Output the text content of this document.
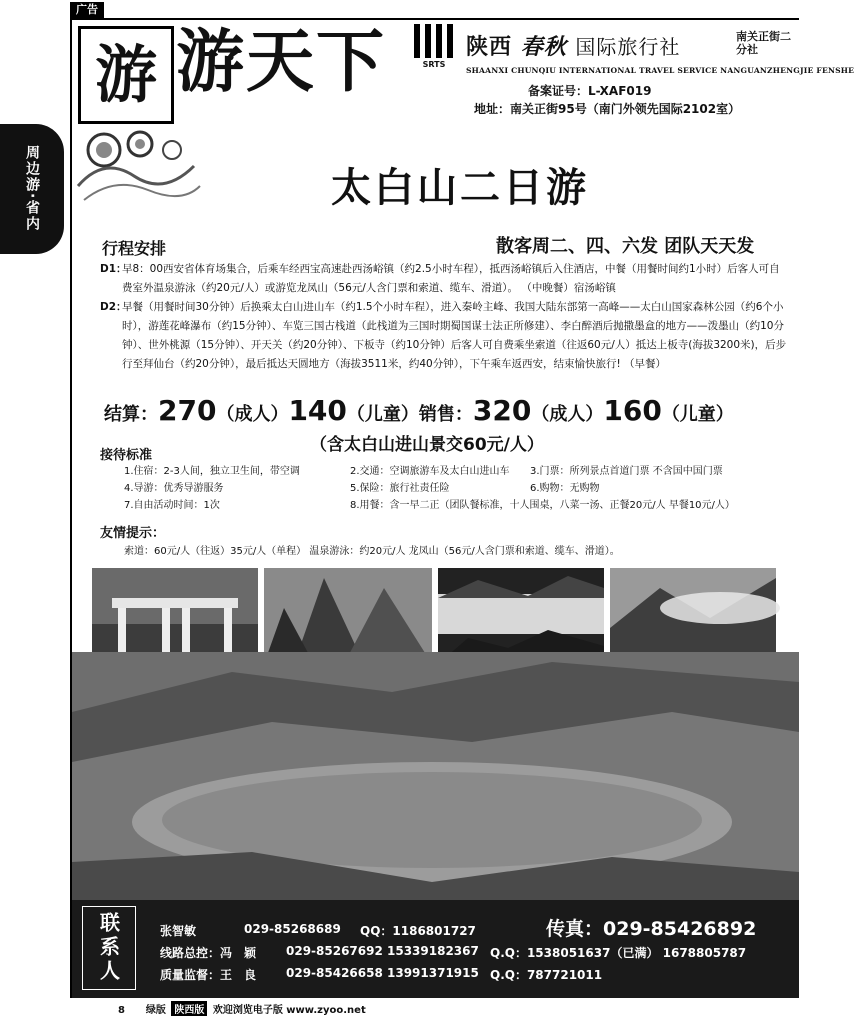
广告
周边游·省内
游 游天下	SRTS
陕西 春秋 国际旅行社	南关正街二分社
SHAANXI CHUNQIU INTERNATIONAL TRAVEL SERVICE NANGUANZHENGJIE FENSHE
备案证号：L-XAF019
地址：南关正街95号（南门外领先国际2102室）
太白山二日游
行程安排	散客周二、四、六发 团队天天发
D1：
早8：00西安省体育场集合，后乘车经西宝高速赴西汤峪镇（约2.5小时车程），抵西汤峪镇后入住酒店，中餐（用餐时间约1小时）后客人可自费室外温泉游泳（约20元/人）或游览龙凤山（56元/人含门票和索道、缆车、滑道）。 （中晚餐）宿汤峪镇
D2：
早餐（用餐时间30分钟）后换乘太白山进山车（约1.5个小时车程），进入秦岭主峰、我国大陆东部第一高峰——太白山国家森林公园（约6个小时），游莲花峰瀑布（约15分钟）、车览三国古栈道（此栈道为三国时期蜀国谋士法正所修建）、李白醉酒后抛撒墨盒的地方——泼墨山（约10分钟）、世外桃源（15分钟）、开天关（约20分钟）、下板寺（约10分钟）后客人可自费乘坐索道（往返60元/人）抵达上板寺(海拔3200米)，后步行至拜仙台（约20分钟），最后抵达天圆地方（海拔3511米，约40分钟），下午乘车返西安，结束愉快旅行! （早餐）
结算：270（成人）140（儿童）销售：320（成人）160（儿童）
（含太白山进山景交60元/人）
接待标准
1.住宿：2-3人间，独立卫生间，带空调	2.交通：空调旅游车及太白山进山车 3.门票：所列景点首道门票 不含国中国门票
4.导游：优秀导游服务	5.保险：旅行社责任险	6.购物：无购物
7.自由活动时间：1次	8.用餐：含一早二正（团队餐标准，十人围桌，八菜一汤、正餐20元/人 早餐10元/人）
友情提示：
索道：60元/人（往返）35元/人（单程） 温泉游泳：约20元/人 龙凤山（56元/人含门票和索道、缆车、滑道）。
联系人	张智敏	029-85268689 QQ：1186801727	传真：029-85426892
线路总控：冯　颖 029-85267692 15339182367 Q.Q：1538051637（已满） 1678805787
质量监督：王　良 029-85426658 13991371915 Q.Q：787721011
8 绿版 陕西版 欢迎浏览电子版 www.zyoo.net
